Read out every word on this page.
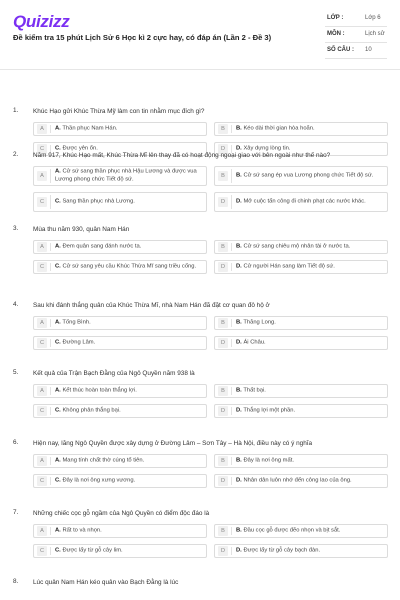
Quizizz
Đề kiểm tra 15 phút Lịch Sử 6 Học kì 2 cực hay, có đáp án (Lần 2 - Đề 3)
LỚP :	Lớp 6
MÔN :	Lịch sử
SỐ CÂU : 10
1. Khúc Hạo gửi Khúc Thừa Mỹ làm con tin nhằm mục đích gì?
A	A. Thần phục Nam Hán.	B	B. Kéo dài thời gian hòa hoãn.
C	C. Được yên ổn.	D	D. Xây dựng lòng tin.
2. Năm 917, Khúc Hạo mất, Khúc Thừa Mĩ lên thay đã có hoạt động ngoại giao với bên ngoài như thế nào?
A
A. Cử sứ sang thần phục nhà Hậu Lương và được vua Lương phong chức Tiết độ sứ.	B	B. Cử sứ sang ép vua Lương phong chức Tiết độ sứ.
C	C. Sang thần phục nhà Lương.	D	D. Mở cuộc tấn công đi chinh phạt các nước khác.
3. Mùa thu năm 930, quân Nam Hán
A	A. Đem quân sang đánh nước ta.	B	B. Cử sứ sang chiêu mộ nhân tài ở nước ta.
C	C. Cử sứ sang yêu cầu Khúc Thừa Mĩ sang triều cống.	D	D. Cử người Hán sang làm Tiết độ sứ.
4. Sau khi đánh thắng quân của Khúc Thừa Mĩ, nhà Nam Hán đã đặt cơ quan đô hộ ở
A	A. Tống Bình.	B	B. Thăng Long.
C	C. Đường Lâm.	D	D. Ái Châu.
5. Kết quả của Trận Bạch Đằng của Ngô Quyền năm 938 là
A	A. Kết thúc hoàn toàn thắng lợi.	B	B. Thất bại.
C	C. Không phân thắng bại.	D	D. Thắng lợi một phần.
6. Hiện nay, lăng Ngô Quyền được xây dựng ở Đường Lâm – Sơn Tây – Hà Nội, điều này có ý nghĩa
A	A. Mang tính chất thờ cúng tổ tiên.	B	B. Đây là nơi ông mất.
C	C. Đây là nơi ông xưng vương.	D	D. Nhân dân luôn nhớ đến công lao của ông.
7. Những chiếc cọc gỗ ngầm của Ngô Quyền có điểm độc đáo là
A	A. Rất to và nhọn.	B	B. Đầu cọc gỗ được đẽo nhọn và bịt sắt.
C	C. Được lấy từ gỗ cây lim.	D	D. Được lấy từ gỗ cây bạch đàn.
8. Lúc quân Nam Hán kéo quân vào Bạch Đằng là lúc
